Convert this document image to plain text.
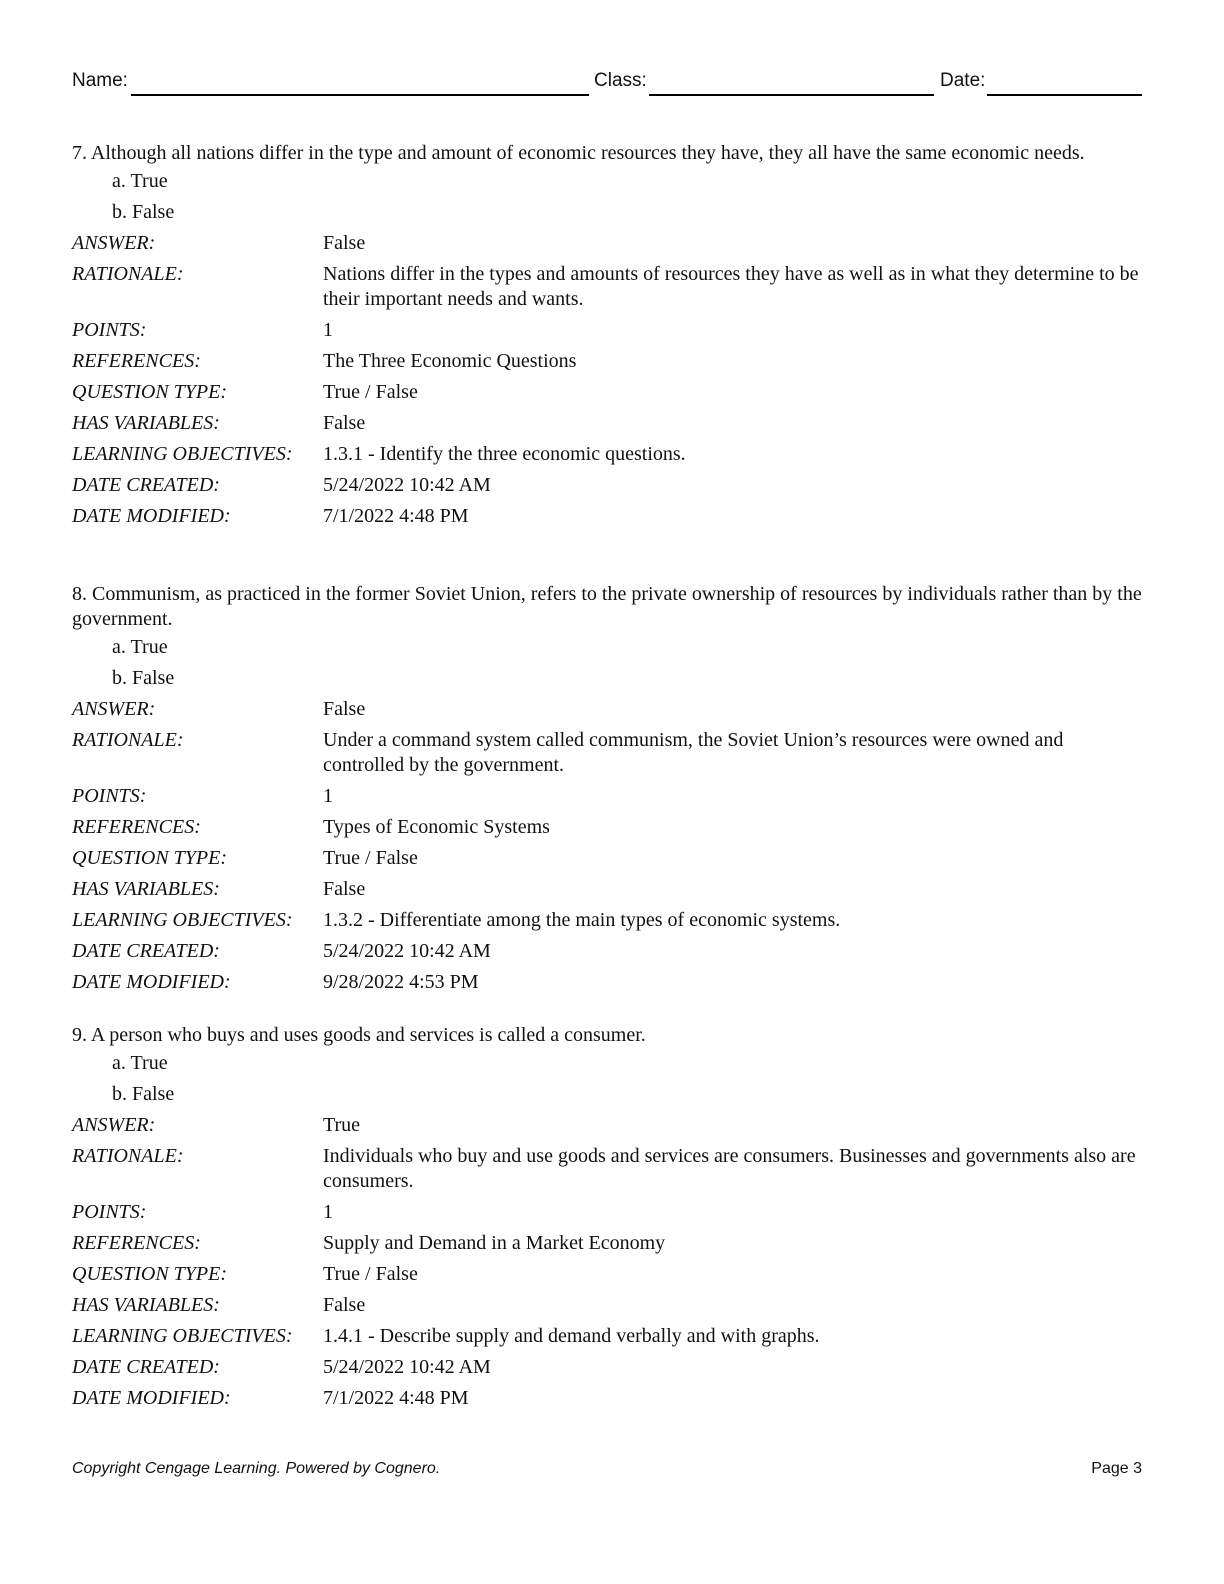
Name:	Class:	Date:

7. Although all nations differ in the type and amount of economic resources they have, they all have the same economic needs.

a. True
b. False
ANSWER:	False
RATIONALE:	Nations differ in the types and amounts of resources they have as well as in what they determine to be their important needs and wants.
POINTS:	1
REFERENCES:	The Three Economic Questions
QUESTION TYPE:	True / False
HAS VARIABLES:	False
LEARNING OBJECTIVES:	1.3.1 - Identify the three economic questions.
DATE CREATED:	5/24/2022 10:42 AM
DATE MODIFIED:	7/1/2022 4:48 PM

8. Communism, as practiced in the former Soviet Union, refers to the private ownership of resources by individuals rather than by the government.

a. True
b. False
ANSWER:	False
RATIONALE:	Under a command system called communism, the Soviet Union’s resources were owned and controlled by the government.
POINTS:	1
REFERENCES:	Types of Economic Systems
QUESTION TYPE:	True / False
HAS VARIABLES:	False
LEARNING OBJECTIVES:	1.3.2 - Differentiate among the main types of economic systems.
DATE CREATED:	5/24/2022 10:42 AM
DATE MODIFIED:	9/28/2022 4:53 PM

9. A person who buys and uses goods and services is called a consumer.

a. True
b. False
ANSWER:	True
RATIONALE:	Individuals who buy and use goods and services are consumers. Businesses and governments also are consumers.
POINTS:	1
REFERENCES:	Supply and Demand in a Market Economy
QUESTION TYPE:	True / False
HAS VARIABLES:	False
LEARNING OBJECTIVES:	1.4.1 - Describe supply and demand verbally and with graphs.
DATE CREATED:	5/24/2022 10:42 AM
DATE MODIFIED:	7/1/2022 4:48 PM
Copyright Cengage Learning. Powered by Cognero.	Page 3
